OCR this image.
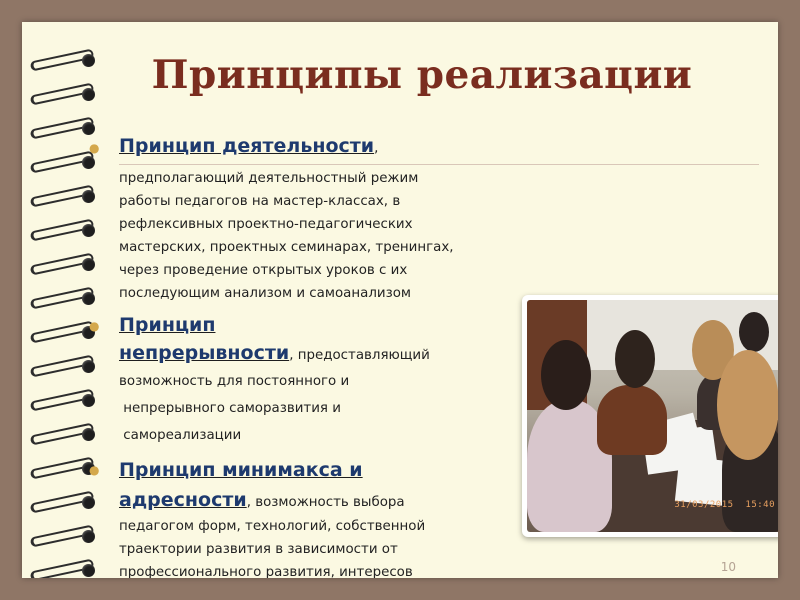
Принципы реализации
● Принцип деятельности,
предполагающий деятельностный режим
работы педагогов на мастер-классах, в
рефлексивных проектно-педагогических
мастерских, проектных семинарах, тренингах,
через проведение открытых уроков с их
последующим анализом и самоанализом
● Принцип
непрерывности, предоставляющий
возможность для постоянного и
непрерывного саморазвития и
самореализации
● Принцип минимакса и
адресности, возможность выбора
педагогом форм, технологий, собственной
траектории развития в зависимости от
профессионального развития, интересов
31/03/2015  15:40
10
